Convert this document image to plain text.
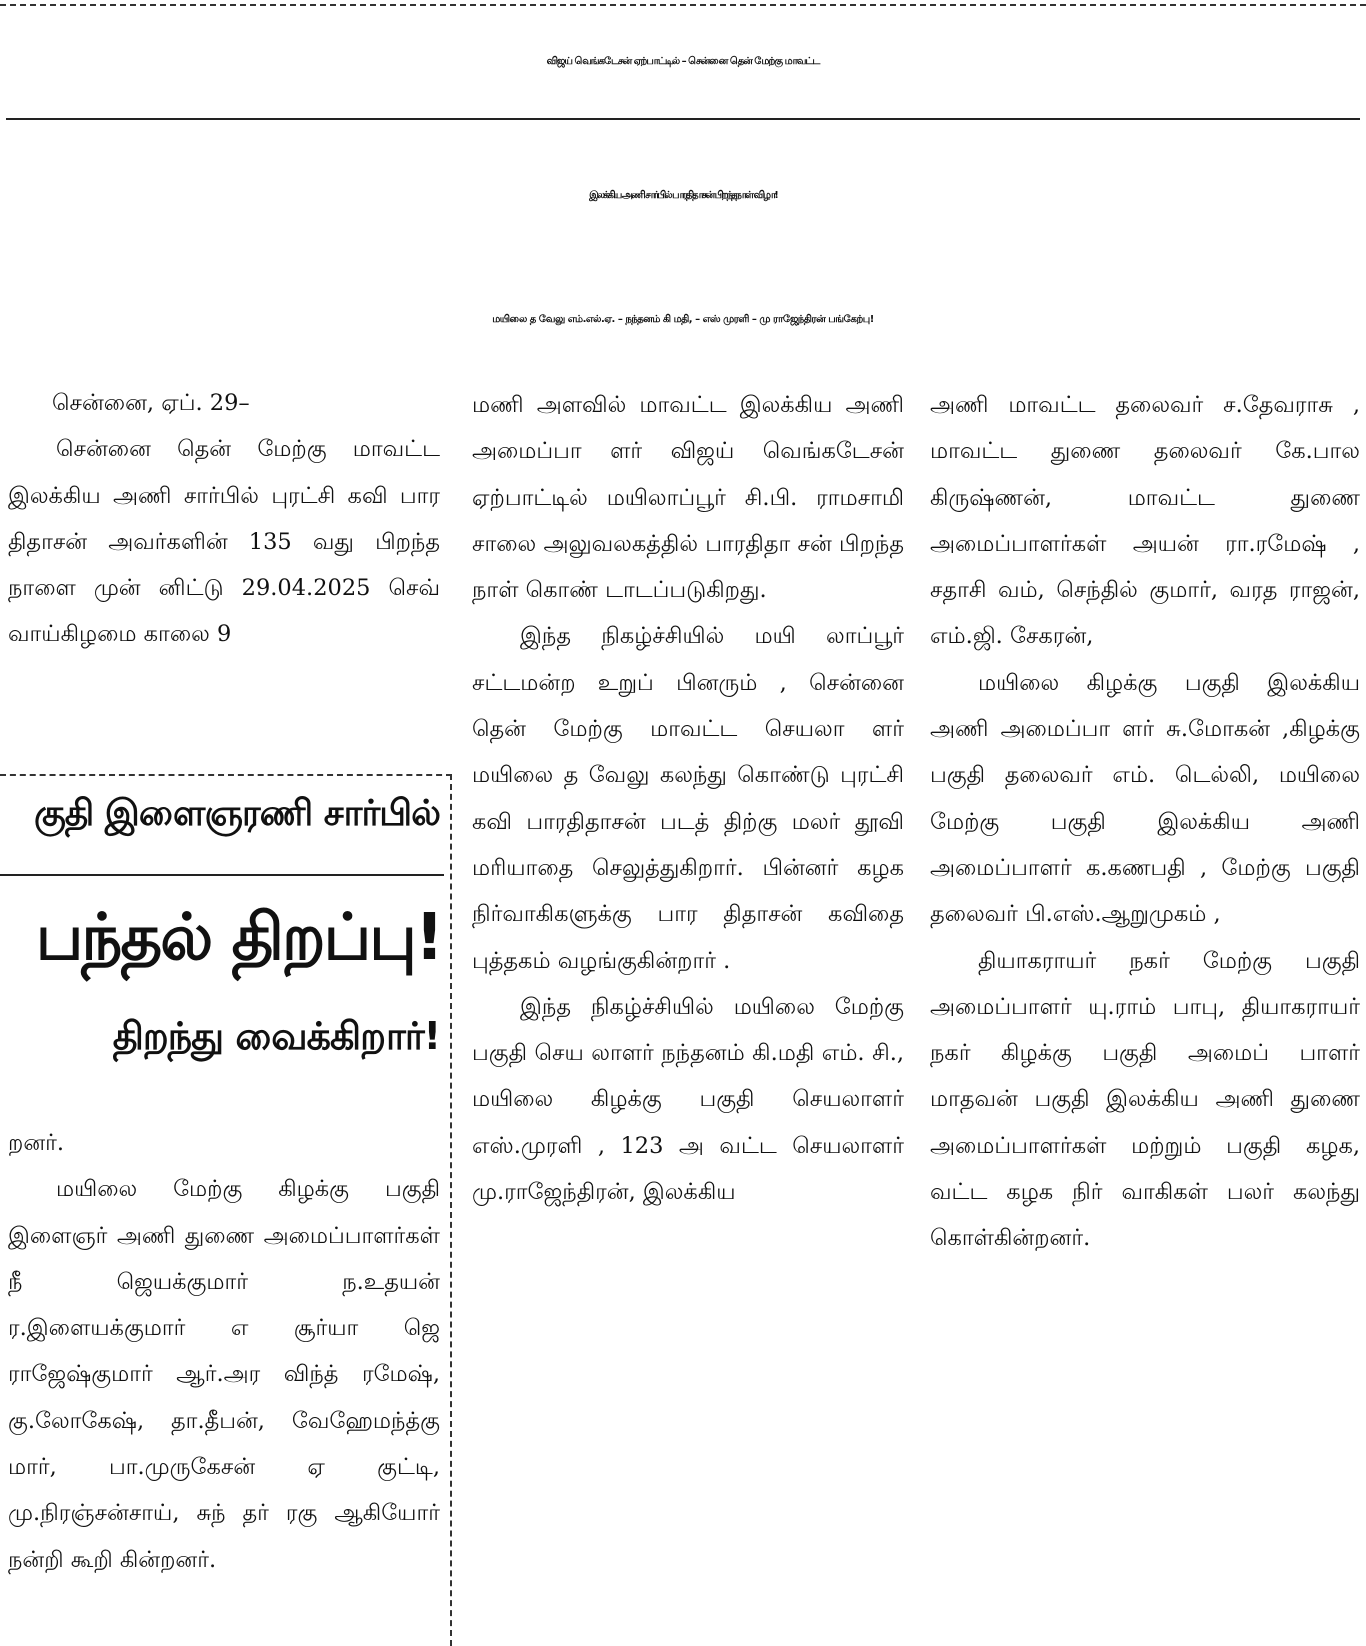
விஜய் வெங்கடேசன் ஏற்பாட்டில் – சென்னை தென் மேற்கு மாவட்ட
இலக்கிய அணி சார்பில் பாரதிதாசன் பிறந்தநாள் விழா!
மயிலை த வேலு எம்.எல்.ஏ. – நந்தனம் கி மதி, – எஸ் முரளி – மு ராஜேந்திரன் பங்கேற்பு!

சென்னை, ஏப். 29–

சென்னை தென் மேற்கு மாவட்ட இலக்கிய அணி சார்பில் புரட்சி கவி பார திதாசன் அவர்களின் 135 வது பிறந்த நாளை முன் னிட்டு 29.04.2025 செவ் வாய்கிழமை காலை 9

மணி அளவில் மாவட்ட இலக்கிய அணி அமைப்பா ளர் விஜய் வெங்கடேசன் ஏற்பாட்டில் மயிலாப்பூர் சி.பி. ராமசாமி சாலை அலுவலகத்தில் பாரதிதா சன் பிறந்த நாள் கொண் டாடப்படுகிறது.

இந்த நிகழ்ச்சியில் மயி லாப்பூர் சட்டமன்ற உறுப் பினரும் , சென்னை தென் மேற்கு மாவட்ட செயலா ளர் மயிலை த வேலு கலந்து கொண்டு புரட்சி கவி பாரதிதாசன் படத் திற்கு மலர் தூவி மரியாதை செலுத்துகிறார். பின்னர் கழக நிர்வாகிகளுக்கு பார திதாசன் கவிதை புத்தகம் வழங்குகின்றார் .

இந்த நிகழ்ச்சியில் மயிலை மேற்கு பகுதி செய லாளர் நந்தனம் கி.மதி எம். சி., மயிலை கிழக்கு பகுதி செயலாளர் எஸ்.முரளி , 123 அ வட்ட செயலாளர் மு.ராஜேந்திரன், இலக்கிய

அணி மாவட்ட தலைவர் ச.தேவராசு , மாவட்ட துணை தலைவர் கே.பால கிருஷ்ணன், மாவட்ட துணை அமைப்பாளர்கள் அயன் ரா.ரமேஷ் , சதாசி வம், செந்தில் குமார், வரத ராஜன், எம்.ஜி. சேகரன்,

மயிலை கிழக்கு பகுதி இலக்கிய அணி அமைப்பா ளர் சு.மோகன் ,கிழக்கு பகுதி தலைவர் எம். டெல்லி, மயிலை மேற்கு பகுதி இலக்கிய அணி அமைப்பாளர் க.கணபதி , மேற்கு பகுதி தலைவர் பி.எஸ்.ஆறுமுகம் ,

தியாகராயர் நகர் மேற்கு பகுதி அமைப்பாளர் யு.ராம் பாபு, தியாகராயர் நகர் கிழக்கு பகுதி அமைப் பாளர் மாதவன் பகுதி இலக்கிய அணி துணை அமைப்பாளர்கள் மற்றும் பகுதி கழக, வட்ட கழக நிர் வாகிகள் பலர் கலந்து கொள்கின்றனர்.

குதி இளைஞரணி சார்பில்
பந்தல் திறப்பு!
திறந்து வைக்கிறார்!

றனர்.

மயிலை மேற்கு கிழக்கு பகுதி இளைஞர் அணி துணை அமைப்பாளர்கள் நீ ஜெயக்குமார் ந.உதயன் ர.இளையக்குமார் எ சூர்யா ஜெ ராஜேஷ்குமார் ஆர்.அர விந்த் ரமேஷ், கு.லோகேஷ், தா.தீபன், வேஹேமந்த்கு மார், பா.முருகேசன் ஏ குட்டி, மு.நிரஞ்சன்சாய், சுந் தர் ரகு ஆகியோர் நன்றி கூறி கின்றனர்.
